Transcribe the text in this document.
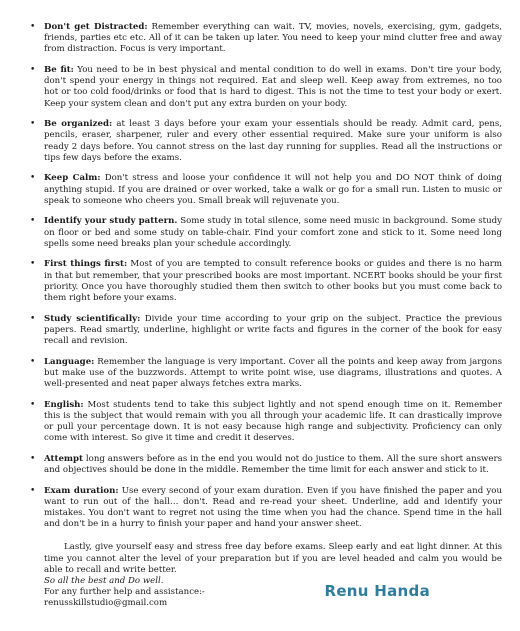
• Don't get Distracted: Remember everything can wait. TV, movies, novels, exercising, gym, gadgets, friends, parties etc etc. All of it can be taken up later. You need to keep your mind clutter free and away from distraction. Focus is very important.
• Be fit: You need to be in best physical and mental condition to do well in exams. Don't tire your body, don't spend your energy in things not required. Eat and sleep well. Keep away from extremes, no too hot or too cold food/drinks or food that is hard to digest. This is not the time to test your body or exert. Keep your system clean and don't put any extra burden on your body.
• Be organized: at least 3 days before your exam your essentials should be ready. Admit card, pens, pencils, eraser, sharpener, ruler and every other essential required. Make sure your uniform is also ready 2 days before. You cannot stress on the last day running for supplies. Read all the instructions or tips few days before the exams.
• Keep Calm: Don't stress and loose your confidence it will not help you and DO NOT think of doing anything stupid. If you are drained or over worked, take a walk or go for a small run. Listen to music or speak to someone who cheers you. Small break will rejuvenate you.
• Identify your study pattern. Some study in total silence, some need music in background. Some study on floor or bed and some study on table-chair. Find your comfort zone and stick to it. Some need long spells some need breaks plan your schedule accordingly.
• First things first: Most of you are tempted to consult reference books or guides and there is no harm in that but remember, that your prescribed books are most important. NCERT books should be your first priority. Once you have thoroughly studied them then switch to other books but you must come back to them right before your exams.
• Study scientifically: Divide your time according to your grip on the subject. Practice the previous papers. Read smartly, underline, highlight or write facts and figures in the corner of the book for easy recall and revision.
• Language: Remember the language is very important. Cover all the points and keep away from jargons but make use of the buzzwords. Attempt to write point wise, use diagrams, illustrations and quotes. A well-presented and neat paper always fetches extra marks.
• English: Most students tend to take this subject lightly and not spend enough time on it. Remember this is the subject that would remain with you all through your academic life. It can drastically improve or pull your percentage down. It is not easy because high range and subjectivity. Proficiency can only come with interest. So give it time and credit it deserves.
• Attempt long answers before as in the end you would not do justice to them. All the sure short answers and objectives should be done in the middle. Remember the time limit for each answer and stick to it.
• Exam duration: Use every second of your exam duration. Even if you have finished the paper and you want to run out of the hall… don't. Read and re-read your sheet. Underline, add and identify your mistakes. You don't want to regret not using the time when you had the chance. Spend time in the hall and don't be in a hurry to finish your paper and hand your answer sheet.

Lastly, give yourself easy and stress free day before exams. Sleep early and eat light dinner. At this time you cannot alter the level of your preparation but if you are level headed and calm you would be able to recall and write better.

So all the best and Do well.

For any further help and assistance:-

renusskillstudio@gmail.com

Renu Handa
